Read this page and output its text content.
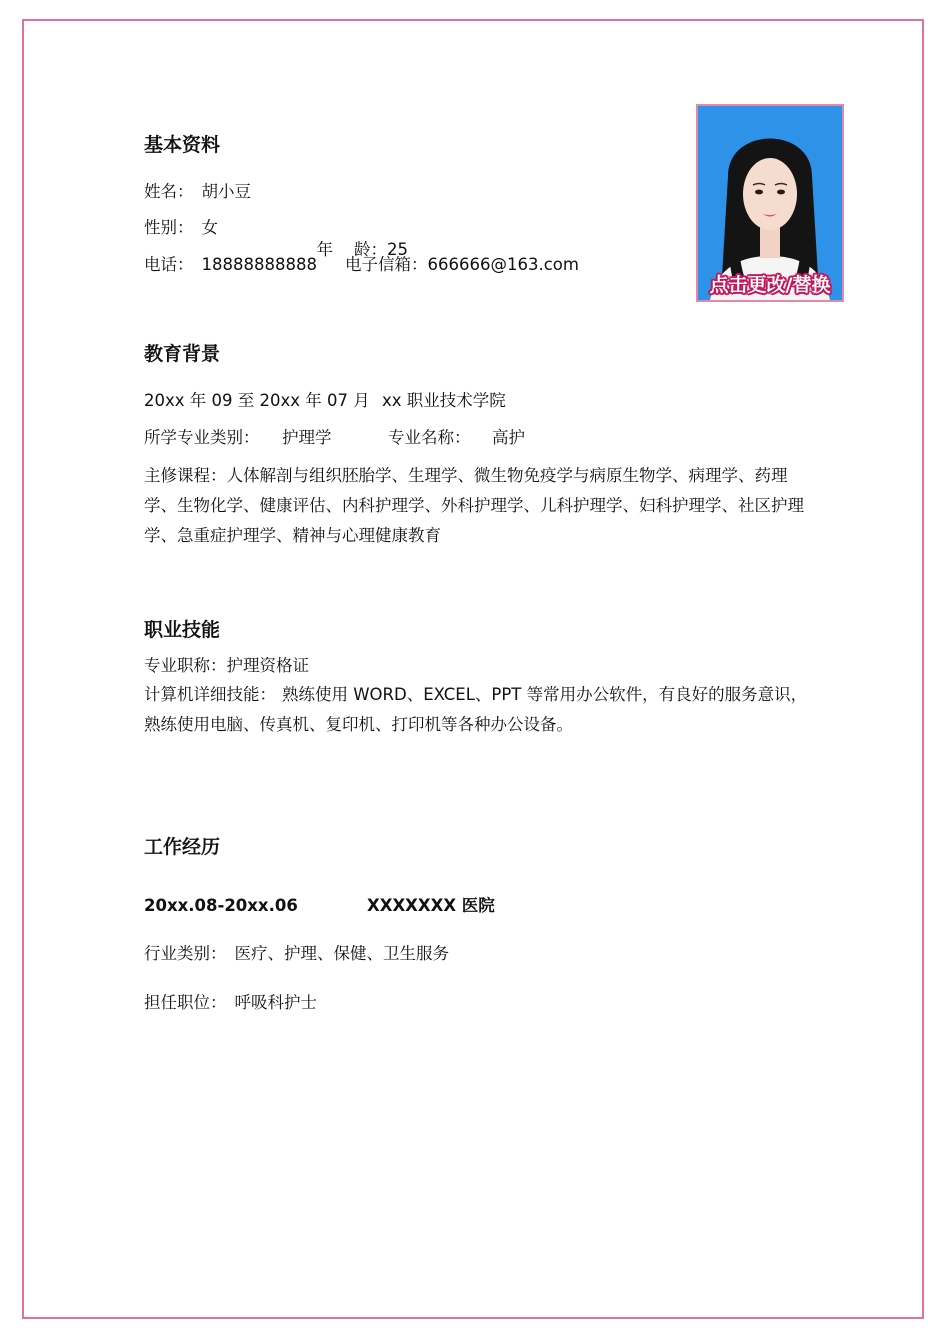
基本资料
姓名： 胡小豆
性别： 女

年    龄：25

电话： 18888888888 电子信箱：666666@163.com
点击更改/替换
教育背景
20xx 年 09 至 20xx 年 07 月 xx 职业技术学院
所学专业类别： 护理学	专业名称： 高护
主修课程：人体解剖与组织胚胎学、生理学、微生物免疫学与病原生物学、病理学、药理学、生物化学、健康评估、内科护理学、外科护理学、儿科护理学、妇科护理学、社区护理学、急重症护理学、精神与心理健康教育
职业技能
专业职称：护理资格证
计算机详细技能： 熟练使用 WORD、EXCEL、PPT 等常用办公软件，有良好的服务意识，熟练使用电脑、传真机、复印机、打印机等各种办公设备。
工作经历
20xx.08-20xx.06	XXXXXXX 医院
行业类别： 医疗、护理、保健、卫生服务
担任职位： 呼吸科护士
